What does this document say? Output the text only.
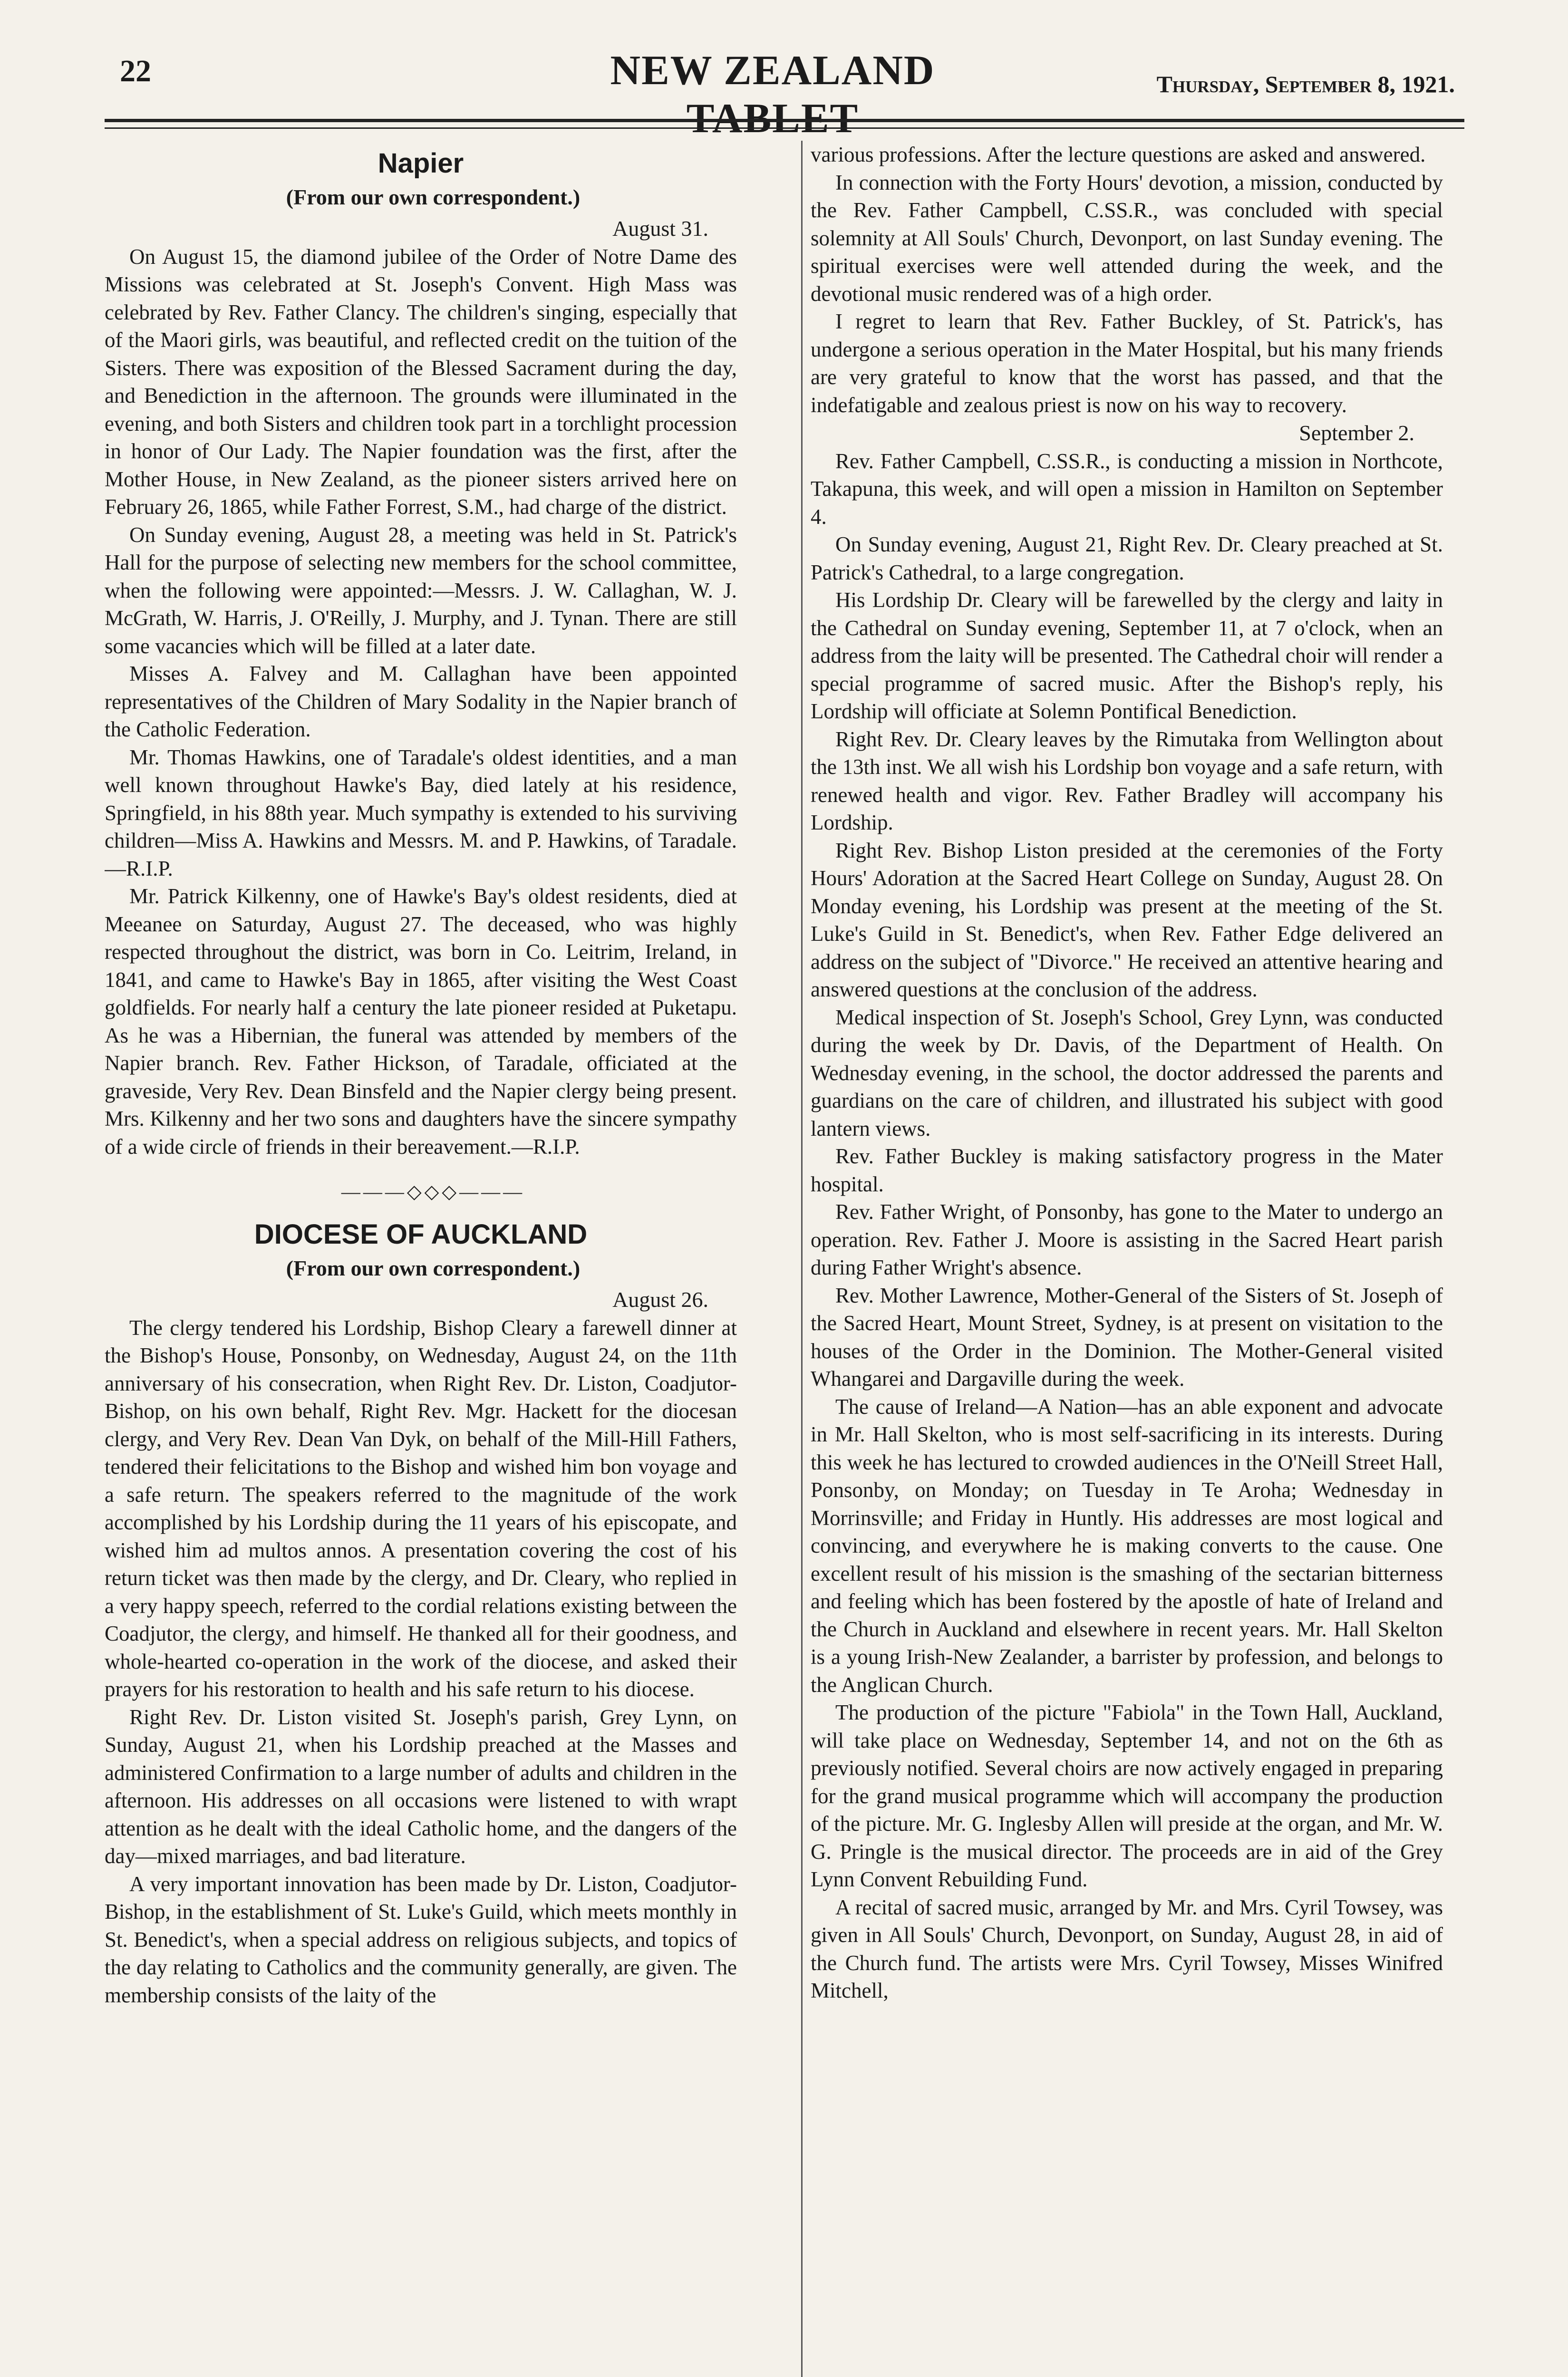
22	NEW ZEALAND TABLET
Thursday, September 8, 1921.
Napier

(From our own correspondent.)

August 31.

On August 15, the diamond jubilee of the Order of Notre Dame des Missions was celebrated at St. Joseph's Convent. High Mass was celebrated by Rev. Father Clancy. The children's singing, especially that of the Maori girls, was beautiful, and reflected credit on the tuition of the Sisters. There was exposition of the Blessed Sacrament during the day, and Benediction in the afternoon. The grounds were illuminated in the evening, and both Sisters and children took part in a torchlight procession in honor of Our Lady. The Napier foundation was the first, after the Mother House, in New Zealand, as the pioneer sisters arrived here on February 26, 1865, while Father Forrest, S.M., had charge of the district.

On Sunday evening, August 28, a meeting was held in St. Patrick's Hall for the purpose of selecting new members for the school committee, when the following were appointed:—Messrs. J. W. Callaghan, W. J. McGrath, W. Harris, J. O'Reilly, J. Murphy, and J. Tynan. There are still some vacancies which will be filled at a later date.

Misses A. Falvey and M. Callaghan have been appointed representatives of the Children of Mary Sodality in the Napier branch of the Catholic Federation.

Mr. Thomas Hawkins, one of Taradale's oldest identities, and a man well known throughout Hawke's Bay, died lately at his residence, Springfield, in his 88th year. Much sympathy is extended to his surviving children—Miss A. Hawkins and Messrs. M. and P. Hawkins, of Taradale.—R.I.P.

Mr. Patrick Kilkenny, one of Hawke's Bay's oldest residents, died at Meeanee on Saturday, August 27. The deceased, who was highly respected throughout the district, was born in Co. Leitrim, Ireland, in 1841, and came to Hawke's Bay in 1865, after visiting the West Coast goldfields. For nearly half a century the late pioneer resided at Puketapu. As he was a Hibernian, the funeral was attended by members of the Napier branch. Rev. Father Hickson, of Taradale, officiated at the graveside, Very Rev. Dean Binsfeld and the Napier clergy being present. Mrs. Kilkenny and her two sons and daughters have the sincere sympathy of a wide circle of friends in their bereavement.—R.I.P.

———◇◇◇———

DIOCESE OF AUCKLAND

(From our own correspondent.)

August 26.

The clergy tendered his Lordship, Bishop Cleary a farewell dinner at the Bishop's House, Ponsonby, on Wednesday, August 24, on the 11th anniversary of his consecration, when Right Rev. Dr. Liston, Coadjutor-Bishop, on his own behalf, Right Rev. Mgr. Hackett for the diocesan clergy, and Very Rev. Dean Van Dyk, on behalf of the Mill-Hill Fathers, tendered their felicitations to the Bishop and wished him bon voyage and a safe return. The speakers referred to the magnitude of the work accomplished by his Lordship during the 11 years of his episcopate, and wished him ad multos annos. A presentation covering the cost of his return ticket was then made by the clergy, and Dr. Cleary, who replied in a very happy speech, referred to the cordial relations existing between the Coadjutor, the clergy, and himself. He thanked all for their goodness, and whole-hearted co-operation in the work of the diocese, and asked their prayers for his restoration to health and his safe return to his diocese.

Right Rev. Dr. Liston visited St. Joseph's parish, Grey Lynn, on Sunday, August 21, when his Lordship preached at the Masses and administered Confirmation to a large number of adults and children in the afternoon. His addresses on all occasions were listened to with wrapt attention as he dealt with the ideal Catholic home, and the dangers of the day—mixed marriages, and bad literature.

A very important innovation has been made by Dr. Liston, Coadjutor-Bishop, in the establishment of St. Luke's Guild, which meets monthly in St. Benedict's, when a special address on religious subjects, and topics of the day relating to Catholics and the community generally, are given. The membership consists of the laity of the

various professions. After the lecture questions are asked and answered.

In connection with the Forty Hours' devotion, a mission, conducted by the Rev. Father Campbell, C.SS.R., was concluded with special solemnity at All Souls' Church, Devonport, on last Sunday evening. The spiritual exercises were well attended during the week, and the devotional music rendered was of a high order.

I regret to learn that Rev. Father Buckley, of St. Patrick's, has undergone a serious operation in the Mater Hospital, but his many friends are very grateful to know that the worst has passed, and that the indefatigable and zealous priest is now on his way to recovery.

September 2.

Rev. Father Campbell, C.SS.R., is conducting a mission in Northcote, Takapuna, this week, and will open a mission in Hamilton on September 4.

On Sunday evening, August 21, Right Rev. Dr. Cleary preached at St. Patrick's Cathedral, to a large congregation.

His Lordship Dr. Cleary will be farewelled by the clergy and laity in the Cathedral on Sunday evening, September 11, at 7 o'clock, when an address from the laity will be presented. The Cathedral choir will render a special programme of sacred music. After the Bishop's reply, his Lordship will officiate at Solemn Pontifical Benediction.

Right Rev. Dr. Cleary leaves by the Rimutaka from Wellington about the 13th inst. We all wish his Lordship bon voyage and a safe return, with renewed health and vigor. Rev. Father Bradley will accompany his Lordship.

Right Rev. Bishop Liston presided at the ceremonies of the Forty Hours' Adoration at the Sacred Heart College on Sunday, August 28. On Monday evening, his Lordship was present at the meeting of the St. Luke's Guild in St. Benedict's, when Rev. Father Edge delivered an address on the subject of "Divorce." He received an attentive hearing and answered questions at the conclusion of the address.

Medical inspection of St. Joseph's School, Grey Lynn, was conducted during the week by Dr. Davis, of the Department of Health. On Wednesday evening, in the school, the doctor addressed the parents and guardians on the care of children, and illustrated his subject with good lantern views.

Rev. Father Buckley is making satisfactory progress in the Mater hospital.

Rev. Father Wright, of Ponsonby, has gone to the Mater to undergo an operation. Rev. Father J. Moore is assisting in the Sacred Heart parish during Father Wright's absence.

Rev. Mother Lawrence, Mother-General of the Sisters of St. Joseph of the Sacred Heart, Mount Street, Sydney, is at present on visitation to the houses of the Order in the Dominion. The Mother-General visited Whangarei and Dargaville during the week.

The cause of Ireland—A Nation—has an able exponent and advocate in Mr. Hall Skelton, who is most self-sacrificing in its interests. During this week he has lectured to crowded audiences in the O'Neill Street Hall, Ponsonby, on Monday; on Tuesday in Te Aroha; Wednesday in Morrinsville; and Friday in Huntly. His addresses are most logical and convincing, and everywhere he is making converts to the cause. One excellent result of his mission is the smashing of the sectarian bitterness and feeling which has been fostered by the apostle of hate of Ireland and the Church in Auckland and elsewhere in recent years. Mr. Hall Skelton is a young Irish-New Zealander, a barrister by profession, and belongs to the Anglican Church.

The production of the picture "Fabiola" in the Town Hall, Auckland, will take place on Wednesday, September 14, and not on the 6th as previously notified. Several choirs are now actively engaged in preparing for the grand musical programme which will accompany the production of the picture. Mr. G. Inglesby Allen will preside at the organ, and Mr. W. G. Pringle is the musical director. The proceeds are in aid of the Grey Lynn Convent Rebuilding Fund.

A recital of sacred music, arranged by Mr. and Mrs. Cyril Towsey, was given in All Souls' Church, Devonport, on Sunday, August 28, in aid of the Church fund. The artists were Mrs. Cyril Towsey, Misses Winifred Mitchell,
